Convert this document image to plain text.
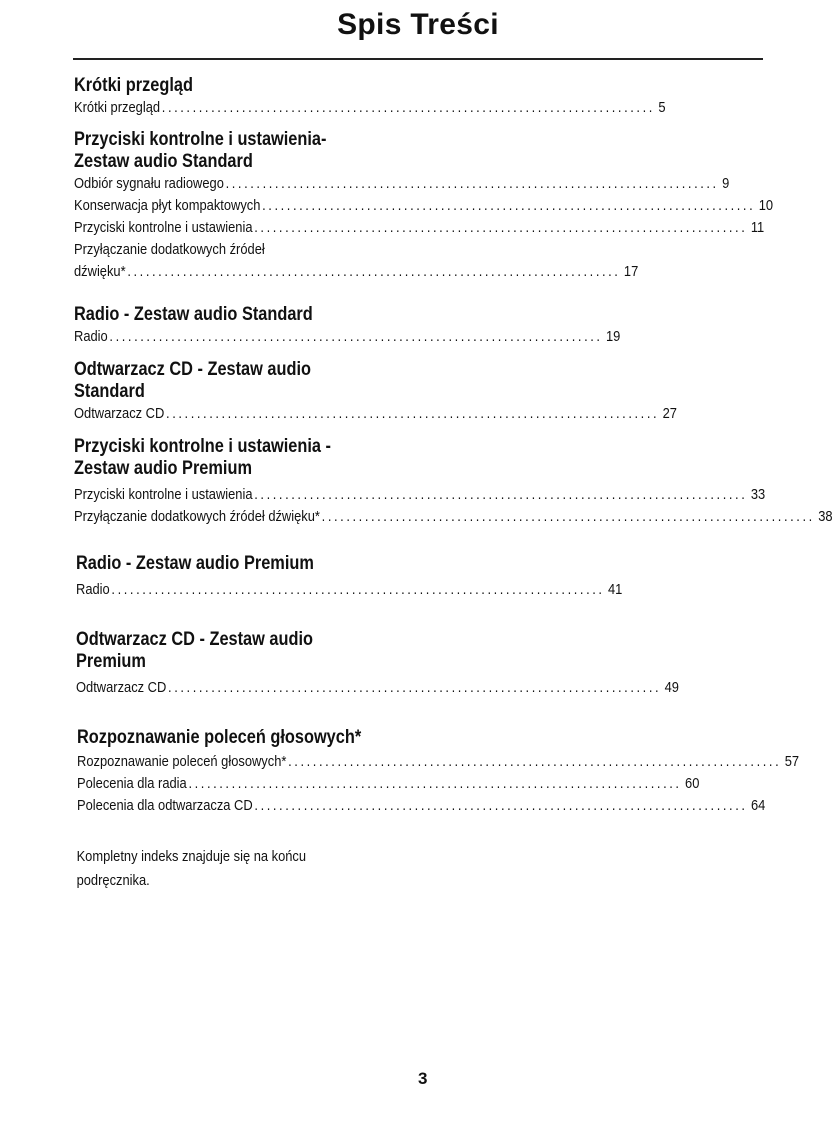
Spis Treści
Krótki przegląd
Krótki przegląd ................................................................................ 5
Przyciski kontrolne i ustawienia-
Zestaw audio Standard
Odbiór sygnału radiowego ................................................................................ 9
Konserwacja płyt kompaktowych ................................................................................ 10
Przyciski kontrolne i ustawienia ................................................................................ 11
Przyłączanie dodatkowych źródeł
dźwięku* ................................................................................ 17
Radio - Zestaw audio Standard
Radio ................................................................................ 19
Odtwarzacz CD - Zestaw audio
Standard
Odtwarzacz CD ................................................................................ 27
Przyciski kontrolne i ustawienia -
Zestaw audio Premium
Przyciski kontrolne i ustawienia ................................................................................ 33
Przyłączanie dodatkowych źródeł dźwięku* ................................................................................ 38
Radio - Zestaw audio Premium
Radio ................................................................................ 41
Odtwarzacz CD - Zestaw audio
Premium
Odtwarzacz CD ................................................................................ 49
Rozpoznawanie poleceń głosowych*
Rozpoznawanie poleceń głosowych* ................................................................................ 57
Polecenia dla radia ................................................................................ 60
Polecenia dla odtwarzacza CD ................................................................................ 64
Kompletny indeks znajduje się na końcu
podręcznika.
3
